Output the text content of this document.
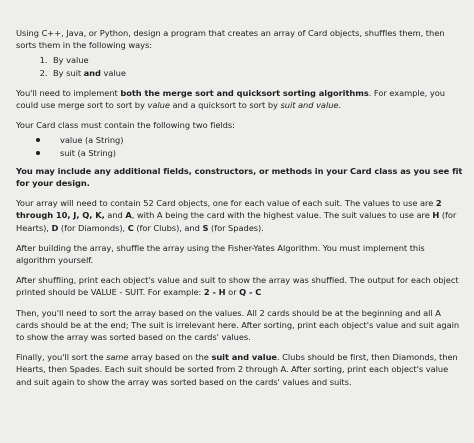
Using C++, Java, or Python, design a program that creates an array of Card objects, shuffles them, then sorts them in the following ways:

1. By value
2. By suit and value

You'll need to implement both the merge sort and quicksort sorting algorithms. For example, you could use merge sort to sort by value and a quicksort to sort by suit and value.

Your Card class must contain the following two fields:

value (a String)
suit (a String)

You may include any additional fields, constructors, or methods in your Card class as you see fit for your design.

Your array will need to contain 52 Card objects, one for each value of each suit. The values to use are 2 through 10, J, Q, K, and A, with A being the card with the highest value. The suit values to use are H (for Hearts), D (for Diamonds), C (for Clubs), and S (for Spades).

After building the array, shuffle the array using the Fisher-Yates Algorithm. You must implement this algorithm yourself.

After shuffling, print each object's value and suit to show the array was shuffled. The output for each object printed should be VALUE - SUIT. For example: 2 - H or Q - C

Then, you'll need to sort the array based on the values. All 2 cards should be at the beginning and all A cards should be at the end; The suit is irrelevant here. After sorting, print each object's value and suit again to show the array was sorted based on the cards' values.

Finally, you'll sort the same array based on the suit and value. Clubs should be first, then Diamonds, then Hearts, then Spades. Each suit should be sorted from 2 through A. After sorting, print each object's value and suit again to show the array was sorted based on the cards' values and suits.
